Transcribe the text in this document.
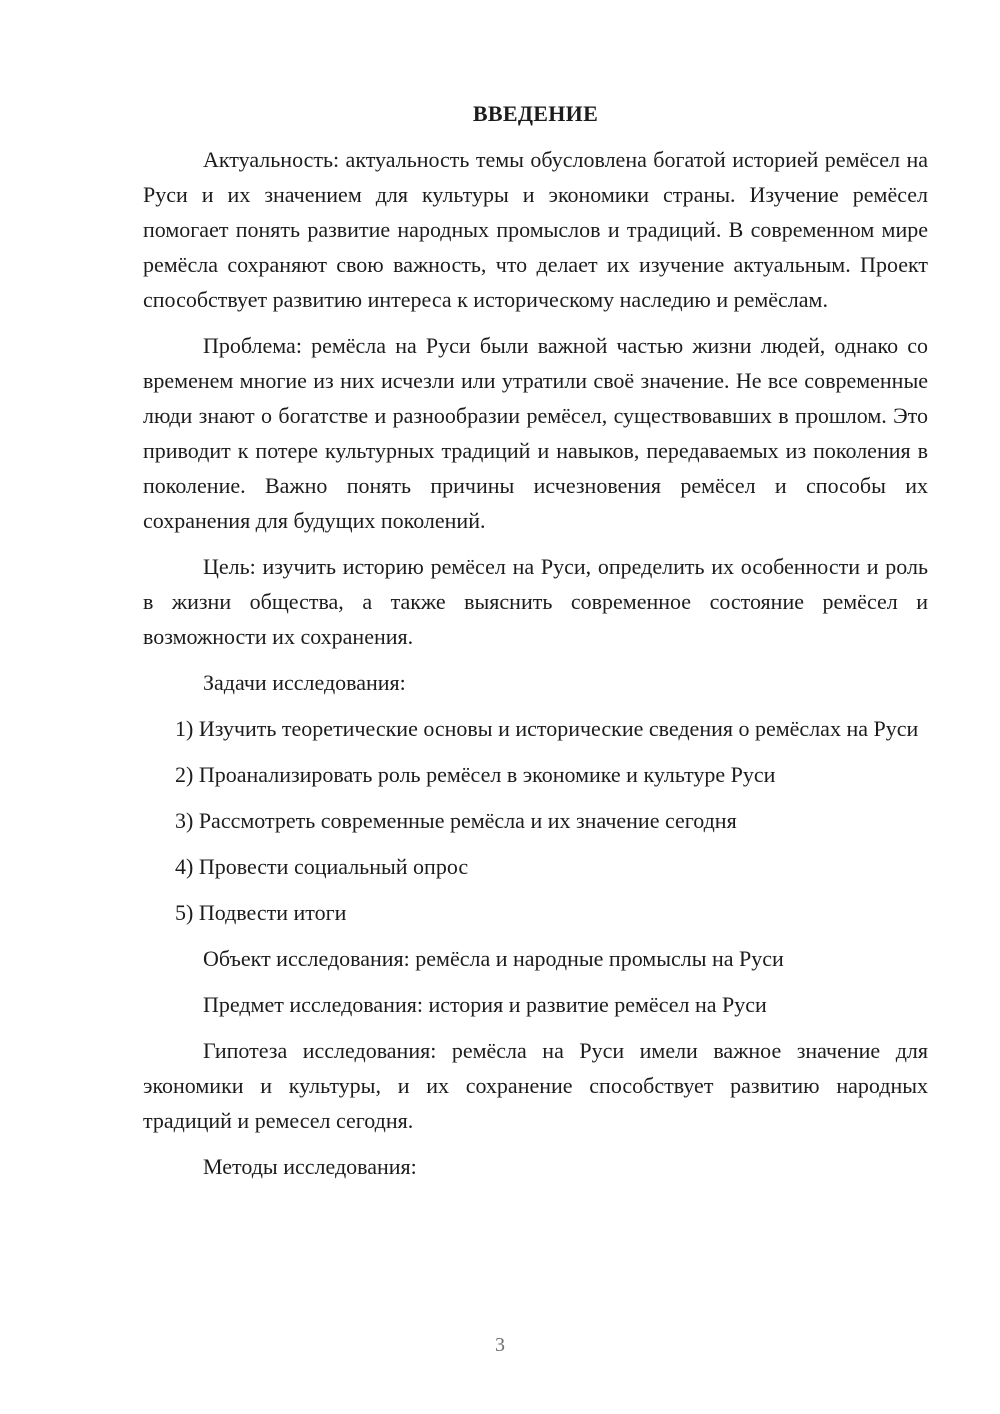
ВВЕДЕНИЕ

Актуальность: актуальность темы обусловлена богатой историей ремёсел на Руси и их значением для культуры и экономики страны. Изучение ремёсел помогает понять развитие народных промыслов и традиций. В современном мире ремёсла сохраняют свою важность, что делает их изучение актуальным. Проект способствует развитию интереса к историческому наследию и ремёслам.

Проблема: ремёсла на Руси были важной частью жизни людей, однако со временем многие из них исчезли или утратили своё значение. Не все современные люди знают о богатстве и разнообразии ремёсел, существовавших в прошлом. Это приводит к потере культурных традиций и навыков, передаваемых из поколения в поколение. Важно понять причины исчезновения ремёсел и способы их сохранения для будущих поколений.

Цель: изучить историю ремёсел на Руси, определить их особенности и роль в жизни общества, а также выяснить современное состояние ремёсел и возможности их сохранения.

Задачи исследования:

1) Изучить теоретические основы и исторические сведения о ремёслах на Руси

2) Проанализировать роль ремёсел в экономике и культуре Руси

3) Рассмотреть современные ремёсла и их значение сегодня

4) Провести социальный опрос

5) Подвести итоги

Объект исследования: ремёсла и народные промыслы на Руси

Предмет исследования: история и развитие ремёсел на Руси

Гипотеза исследования: ремёсла на Руси имели важное значение для экономики и культуры, и их сохранение способствует развитию народных традиций и ремесел сегодня.

Методы исследования:

3
